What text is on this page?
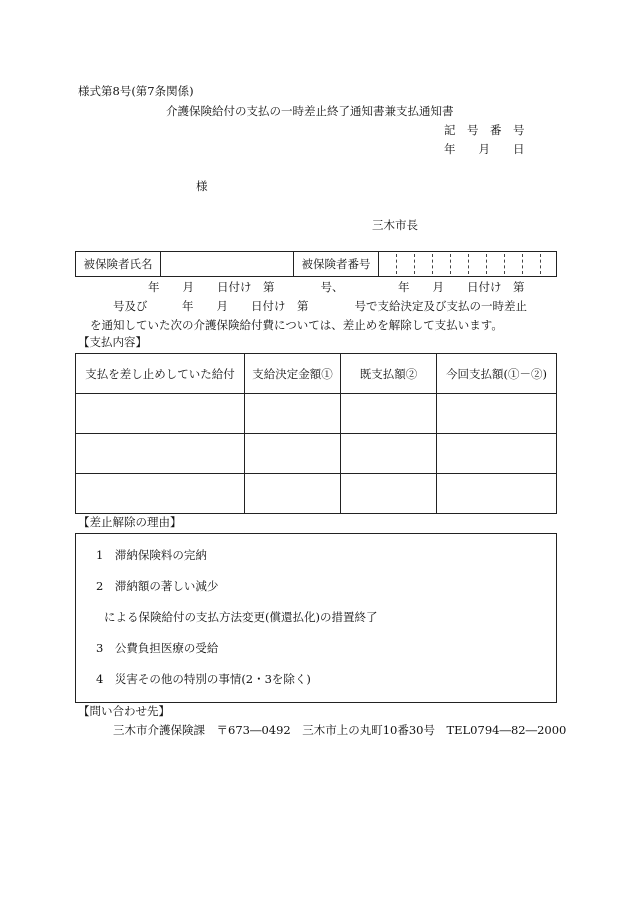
様式第8号(第7条関係)
介護保険給付の支払の一時差止終了通知書兼支払通知書
記　号　番　号
年　　月　　日
様
三木市長
被保険者氏名		被保険者番号	
年　　月　　日付け　第　　　　号、	年　　月　　日付け　第
号及び　　　年　　月　　日付け　第　　　　号で支給決定及び支払の一時差止
を通知していた次の介護保険給付費については、差止めを解除して支払います。
【支払内容】
支払を差し止めしていた給付	支給決定金額①	既支払額②	今回支払額(①－②)

【差止解除の理由】
1　滞納保険料の完納
2　滞納額の著しい減少
による保険給付の支払方法変更(償還払化)の措置終了
3　公費負担医療の受給
4　災害その他の特別の事情(2・3を除く)
【問い合わせ先】
三木市介護保険課　〒673―0492　三木市上の丸町10番30号　TEL0794―82―2000
